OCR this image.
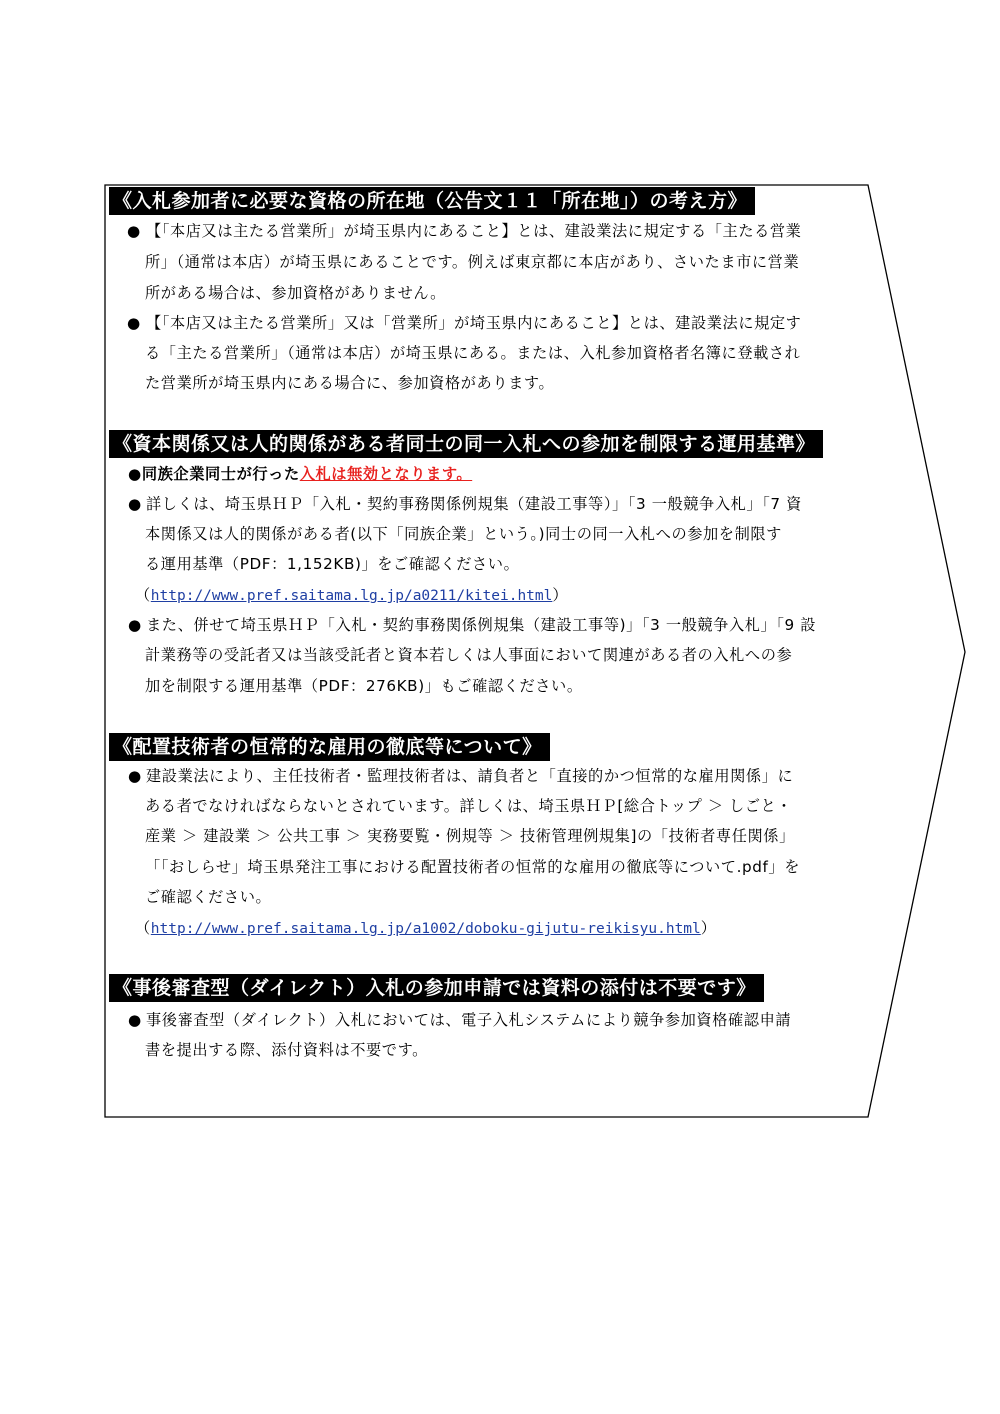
《入札参加者に必要な資格の所在地（公告文１１「所在地」）の考え方》
● 【「本店又は主たる営業所」が埼玉県内にあること】とは、建設業法に規定する「主たる営業
所」（通常は本店）が埼玉県にあることです。例えば東京都に本店があり、さいたま市に営業
所がある場合は、参加資格がありません。
● 【「本店又は主たる営業所」又は「営業所」が埼玉県内にあること】とは、建設業法に規定す
る「主たる営業所」（通常は本店）が埼玉県にある。または、入札参加資格者名簿に登載され
た営業所が埼玉県内にある場合に、参加資格があります。
《資本関係又は人的関係がある者同士の同一入札への参加を制限する運用基準》
●同族企業同士が行った入札は無効となります。
● 詳しくは、埼玉県ＨＰ「入札・契約事務関係例規集（建設工事等）」「3 一般競争入札」「7 資
本関係又は人的関係がある者(以下「同族企業」という。)同士の同一入札への参加を制限す
る運用基準（PDF：1,152KB)」をご確認ください。
（http://www.pref.saitama.lg.jp/a0211/kitei.html）
● また、併せて埼玉県ＨＰ「入札・契約事務関係例規集（建設工事等)」「3 一般競争入札」「9 設
計業務等の受託者又は当該受託者と資本若しくは人事面において関連がある者の入札への参
加を制限する運用基準（PDF：276KB)」もご確認ください。
《配置技術者の恒常的な雇用の徹底等について》
● 建設業法により、主任技術者・監理技術者は、請負者と「直接的かつ恒常的な雇用関係」に
ある者でなければならないとされています。詳しくは、埼玉県ＨＰ[総合トップ ＞ しごと・
産業 ＞ 建設業 ＞ 公共工事 ＞ 実務要覧・例規等 ＞ 技術管理例規集]の「技術者専任関係」
「「おしらせ」埼玉県発注工事における配置技術者の恒常的な雇用の徹底等について.pdf」を
ご確認ください。
（http://www.pref.saitama.lg.jp/a1002/doboku-gijutu-reikisyu.html）
《事後審査型（ダイレクト）入札の参加申請では資料の添付は不要です》
● 事後審査型（ダイレクト）入札においては、電子入札システムにより競争参加資格確認申請
書を提出する際、添付資料は不要です。
